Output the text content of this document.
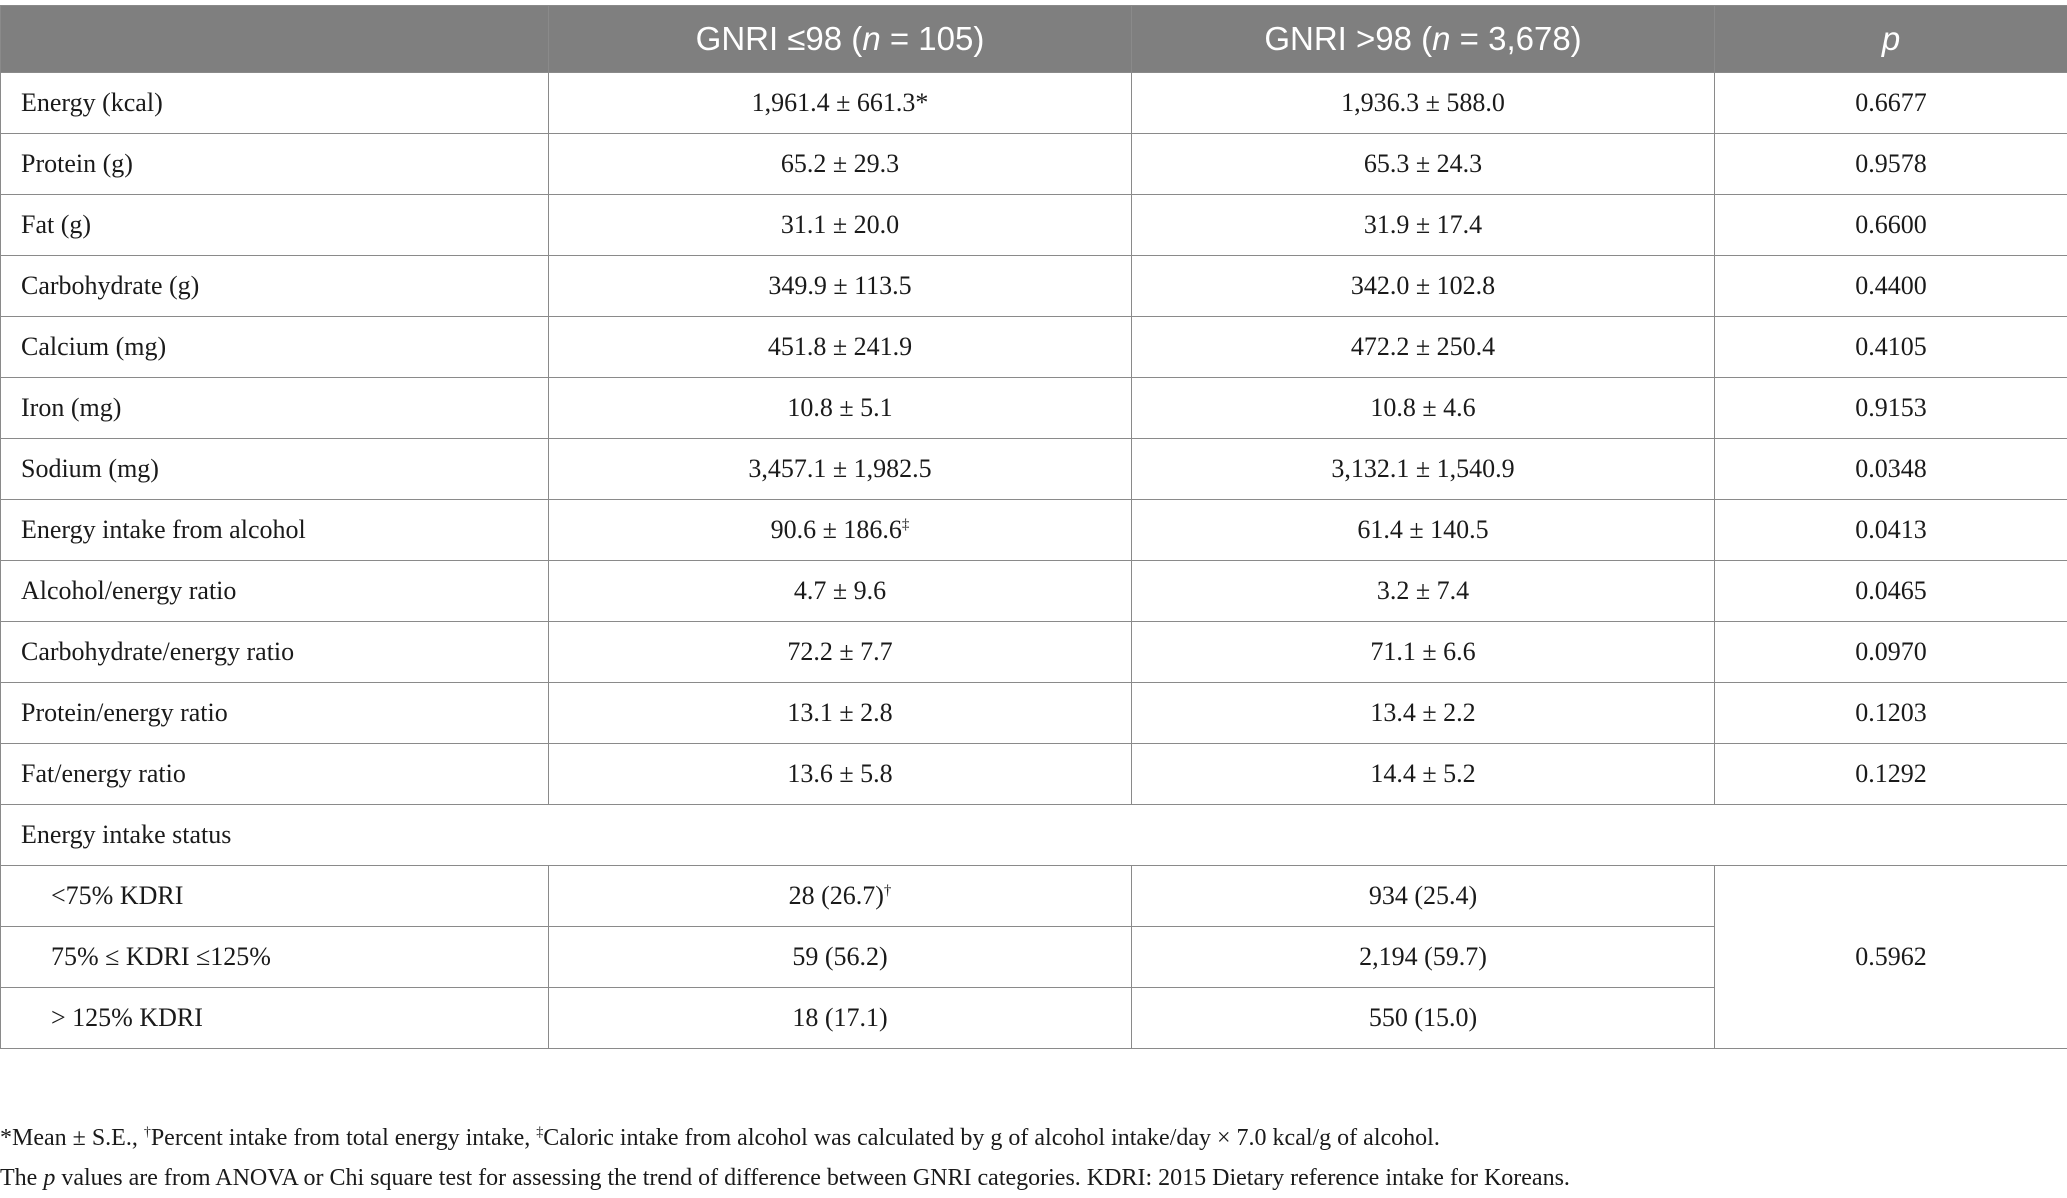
	GNRI ≤98 (n = 105)	GNRI >98 (n = 3,678)	p
Energy (kcal)	1,961.4 ± 661.3*	1,936.3 ± 588.0	0.6677
Protein (g)	65.2 ± 29.3	65.3 ± 24.3	0.9578
Fat (g)	31.1 ± 20.0	31.9 ± 17.4	0.6600
Carbohydrate (g)	349.9 ± 113.5	342.0 ± 102.8	0.4400
Calcium (mg)	451.8 ± 241.9	472.2 ± 250.4	0.4105
Iron (mg)	10.8 ± 5.1	10.8 ± 4.6	0.9153
Sodium (mg)	3,457.1 ± 1,982.5	3,132.1 ± 1,540.9	0.0348
Energy intake from alcohol	90.6 ± 186.6‡	61.4 ± 140.5	0.0413
Alcohol/energy ratio	4.7 ± 9.6	3.2 ± 7.4	0.0465
Carbohydrate/energy ratio	72.2 ± 7.7	71.1 ± 6.6	0.0970
Protein/energy ratio	13.1 ± 2.8	13.4 ± 2.2	0.1203
Fat/energy ratio	13.6 ± 5.8	14.4 ± 5.2	0.1292
Energy intake status			
<75% KDRI	28 (26.7)†	934 (25.4)	0.5962
75% ≤ KDRI ≤125%	59 (56.2)	2,194 (59.7)	
> 125% KDRI	18 (17.1)	550 (15.0)	

*Mean ± S.E., †Percent intake from total energy intake, ‡Caloric intake from alcohol was calculated by g of alcohol intake/day × 7.0 kcal/g of alcohol.

The p values are from ANOVA or Chi square test for assessing the trend of difference between GNRI categories. KDRI: 2015 Dietary reference intake for Koreans.
